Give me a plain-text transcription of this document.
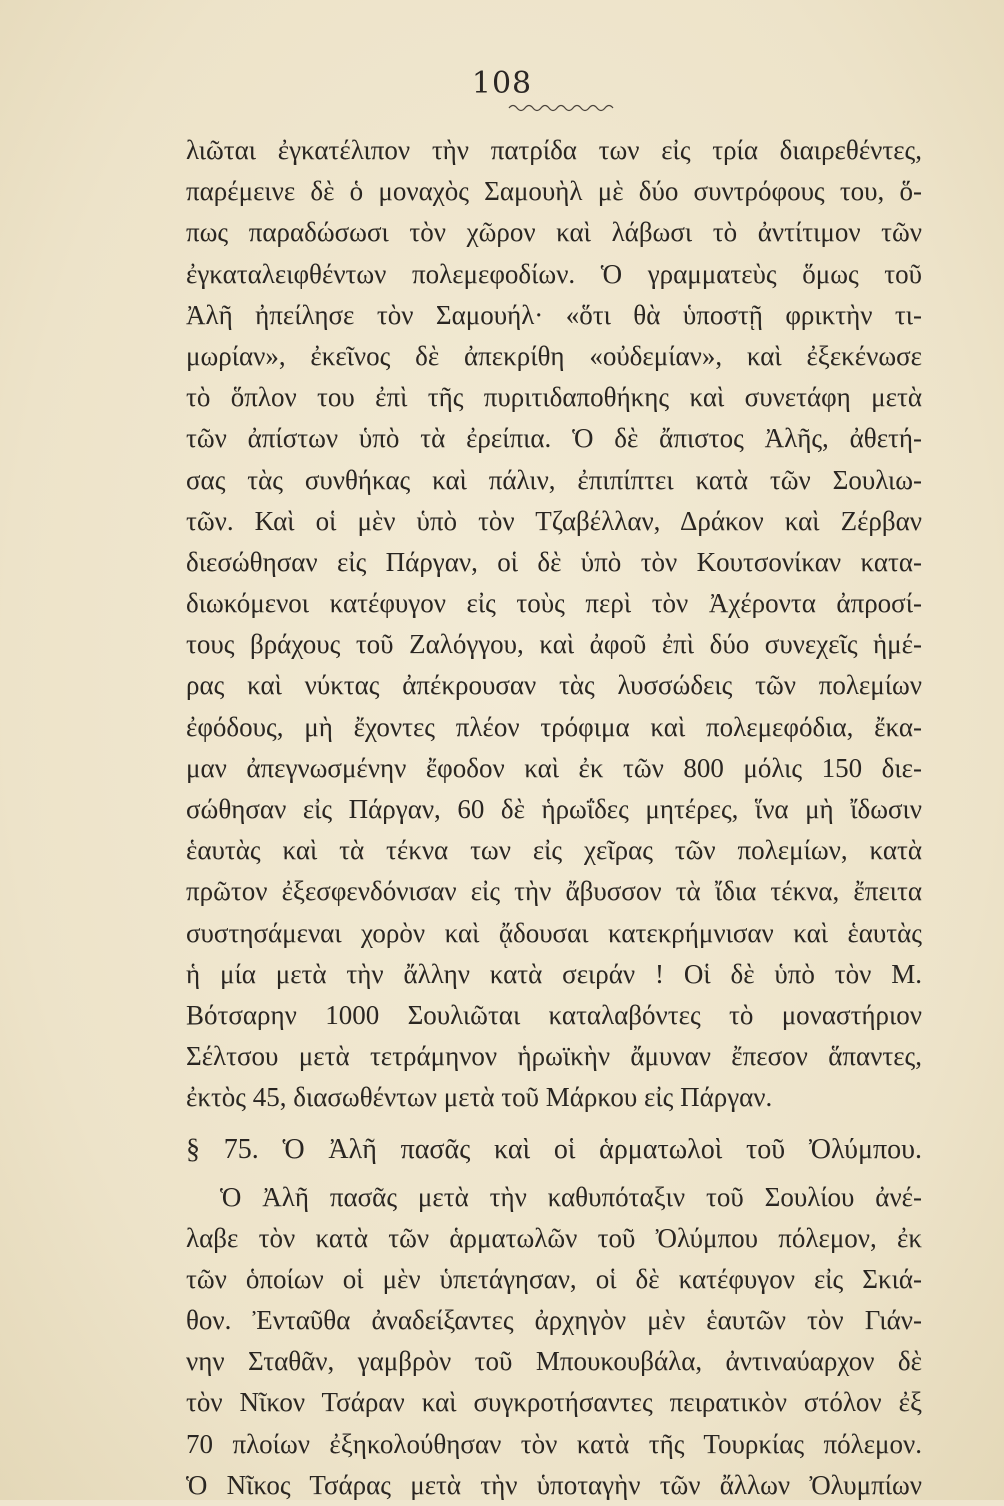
108
λιῶται ἐγκατέλιπον τὴν πατρίδα των εἰς τρία διαιρεθέντες,
παρέμεινε δὲ ὁ μοναχὸς Σαμουὴλ μὲ δύο συντρόφους του, ὅ-
πως παραδώσωσι τὸν χῶρον καὶ λάβωσι τὸ ἀντίτιμον τῶν
ἐγκαταλειφθέντων πολεμεφοδίων. Ὁ γραμματεὺς ὅμως τοῦ
Ἀλῆ ἠπείλησε τὸν Σαμουήλ· «ὅτι θὰ ὑποστῇ φρικτὴν τι-
μωρίαν», ἐκεῖνος δὲ ἀπεκρίθη «οὐδεμίαν», καὶ ἐξεκένωσε
τὸ ὅπλον του ἐπὶ τῆς πυριτιδαποθήκης καὶ συνετάφη μετὰ
τῶν ἀπίστων ὑπὸ τὰ ἐρείπια. Ὁ δὲ ἄπιστος Ἀλῆς, ἀθετή-
σας τὰς συνθήκας καὶ πάλιν, ἐπιπίπτει κατὰ τῶν Σουλιω-
τῶν. Καὶ οἱ μὲν ὑπὸ τὸν Τζαβέλλαν, Δράκον καὶ Ζέρβαν
διεσώθησαν εἰς Πάργαν, οἱ δὲ ὑπὸ τὸν Κουτσονίκαν κατα-
διωκόμενοι κατέφυγον εἰς τοὺς περὶ τὸν Ἀχέροντα ἀπροσί-
τους βράχους τοῦ Ζαλόγγου, καὶ ἀφοῦ ἐπὶ δύο συνεχεῖς ἡμέ-
ρας καὶ νύκτας ἀπέκρουσαν τὰς λυσσώδεις τῶν πολεμίων
ἐφόδους, μὴ ἔχοντες πλέον τρόφιμα καὶ πολεμεφόδια, ἔκα-
μαν ἀπεγνωσμένην ἔφοδον καὶ ἐκ τῶν 800 μόλις 150 διε-
σώθησαν εἰς Πάργαν, 60 δὲ ἡρωΐδες μητέρες, ἵνα μὴ ἴδωσιν
ἑαυτὰς καὶ τὰ τέκνα των εἰς χεῖρας τῶν πολεμίων, κατὰ
πρῶτον ἐξεσφενδόνισαν εἰς τὴν ἄβυσσον τὰ ἴδια τέκνα, ἔπειτα
συστησάμεναι χορὸν καὶ ᾄδουσαι κατεκρήμνισαν καὶ ἑαυτὰς
ἡ μία μετὰ τὴν ἄλλην κατὰ σειράν ! Οἱ δὲ ὑπὸ τὸν Μ.
Βότσαρην 1000 Σουλιῶται καταλαβόντες τὸ μοναστήριον
Σέλτσου μετὰ τετράμηνον ἡρωϊκὴν ἄμυναν ἔπεσον ἅπαντες,
ἐκτὸς 45, διασωθέντων μετὰ τοῦ Μάρκου εἰς Πάργαν.
§ 75. Ὁ Ἀλῆ πασᾶς καὶ οἱ ἁρματωλοὶ τοῦ Ὀλύμπου.
Ὁ Ἀλῆ πασᾶς μετὰ τὴν καθυπόταξιν τοῦ Σουλίου ἀνέ-
λαβε τὸν κατὰ τῶν ἁρματωλῶν τοῦ Ὀλύμπου πόλεμον, ἐκ
τῶν ὁποίων οἱ μὲν ὑπετάγησαν, οἱ δὲ κατέφυγον εἰς Σκιά-
θον. Ἐνταῦθα ἀναδείξαντες ἀρχηγὸν μὲν ἑαυτῶν τὸν Γιάν-
νην Σταθᾶν, γαμβρὸν τοῦ Μπουκουβάλα, ἀντιναύαρχον δὲ
τὸν Νῖκον Τσάραν καὶ συγκροτήσαντες πειρατικὸν στόλον ἐξ
70 πλοίων ἐξηκολούθησαν τὸν κατὰ τῆς Τουρκίας πόλεμον.
Ὁ Νῖκος Τσάρας μετὰ τὴν ὑποταγὴν τῶν ἄλλων Ὀλυμπίων
